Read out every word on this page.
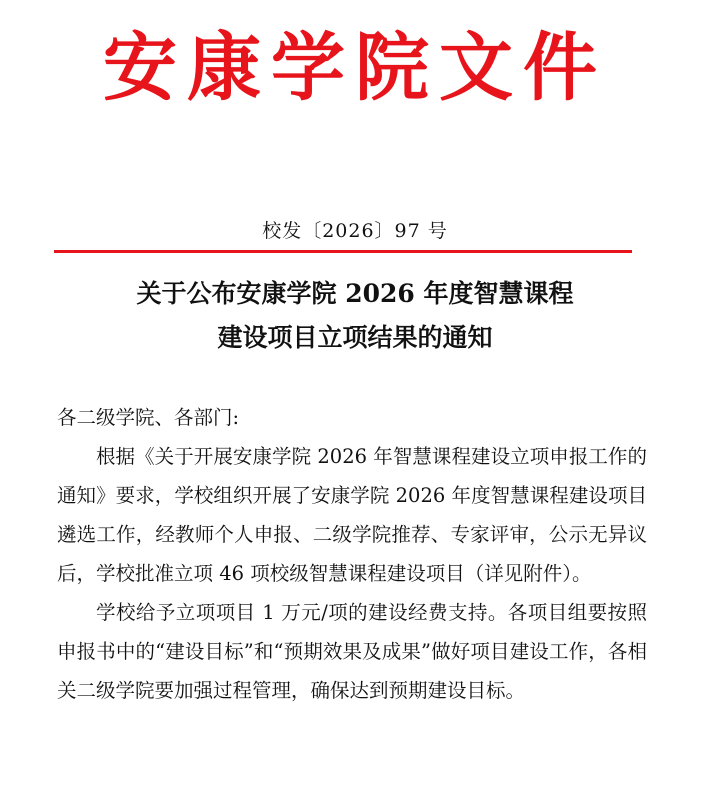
安康学院文件
校发〔2026〕97 号
关于公布安康学院 2026 年度智慧课程
建设项目立项结果的通知

各二级学院、各部门:

根据《关于开展安康学院 2026 年智慧课程建设立项申报工作的通知》要求，学校组织开展了安康学院 2026 年度智慧课程建设项目遴选工作，经教师个人申报、二级学院推荐、专家评审，公示无异议后，学校批准立项 46 项校级智慧课程建设项目（详见附件）。

学校给予立项项目 1 万元/项的建设经费支持。各项目组要按照申报书中的“建设目标”和“预期效果及成果”做好项目建设工作，各相关二级学院要加强过程管理，确保达到预期建设目标。
